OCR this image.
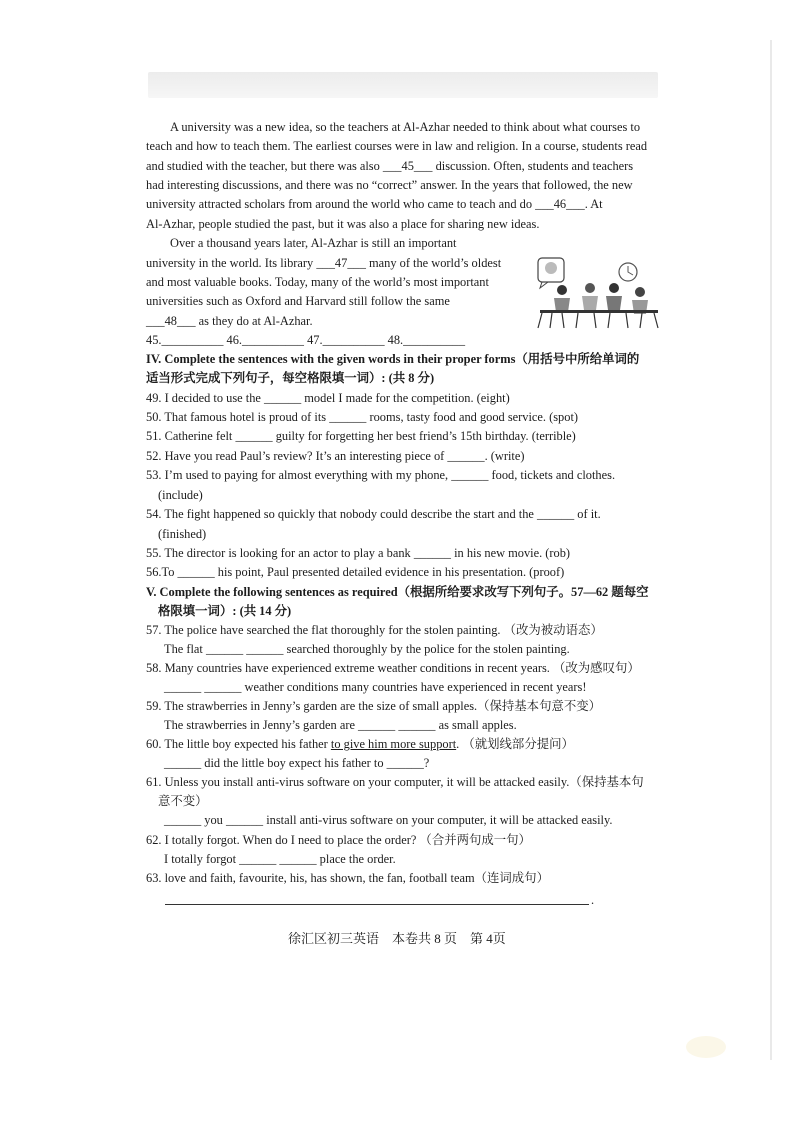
A university was a new idea, so the teachers at Al-Azhar needed to think about what courses to
teach and how to teach them. The earliest courses were in law and religion. In a course, students read
and studied with the teacher, but there was also ___45___ discussion. Often, students and teachers
had interesting discussions, and there was no “correct” answer. In the years that followed, the new
university attracted scholars from around the world who came to teach and do ___46___. At
Al-Azhar, people studied the past, but it was also a place for sharing new ideas.
Over a thousand years later, Al-Azhar is still an important
university in the world. Its library ___47___ many of the world’s oldest
and most valuable books. Today, many of the world’s most important
universities such as Oxford and Harvard still follow the same
___48___ as they do at Al-Azhar.
45.__________ 46.__________ 47.__________ 48.__________
IV. Complete the sentences with the given words in their proper forms（用括号中所给单词的
适当形式完成下列句子，每空格限填一词）: (共 8 分)
49. I decided to use the ______ model I made for the competition. (eight)
50. That famous hotel is proud of its ______ rooms, tasty food and good service. (spot)
51. Catherine felt ______ guilty for forgetting her best friend’s 15th birthday. (terrible)
52. Have you read Paul’s review? It’s an interesting piece of ______. (write)
53. I’m used to paying for almost everything with my phone, ______ food, tickets and clothes.
(include)
54. The fight happened so quickly that nobody could describe the start and the ______ of it.
(finished)
55. The director is looking for an actor to play a bank ______ in his new movie. (rob)
56.To ______ his point, Paul presented detailed evidence in his presentation. (proof)
V. Complete the following sentences as required（根据所给要求改写下列句子。57—62 题每空
格限填一词）: (共 14 分)
57. The police have searched the flat thoroughly for the stolen painting. （改为被动语态）
The flat ______ ______ searched thoroughly by the police for the stolen painting.
58. Many countries have experienced extreme weather conditions in recent years. （改为感叹句）
______ ______ weather conditions many countries have experienced in recent years!
59. The strawberries in Jenny’s garden are the size of small apples.（保持基本句意不变）
The strawberries in Jenny’s garden are ______ ______ as small apples.
60. The little boy expected his father to give him more support. （就划线部分提问）
______ did the little boy expect his father to ______?
61. Unless you install anti-virus software on your computer, it will be attacked easily.（保持基本句
意不变）
______ you ______ install anti-virus software on your computer, it will be attacked easily.
62. I totally forgot. When do I need to place the order? （合并两句成一句）
I totally forgot ______ ______ place the order.
63. love and faith, favourite, his, has shown, the fan, football team（连词成句）
.
徐汇区初三英语　本卷共 8 页　第 4页
